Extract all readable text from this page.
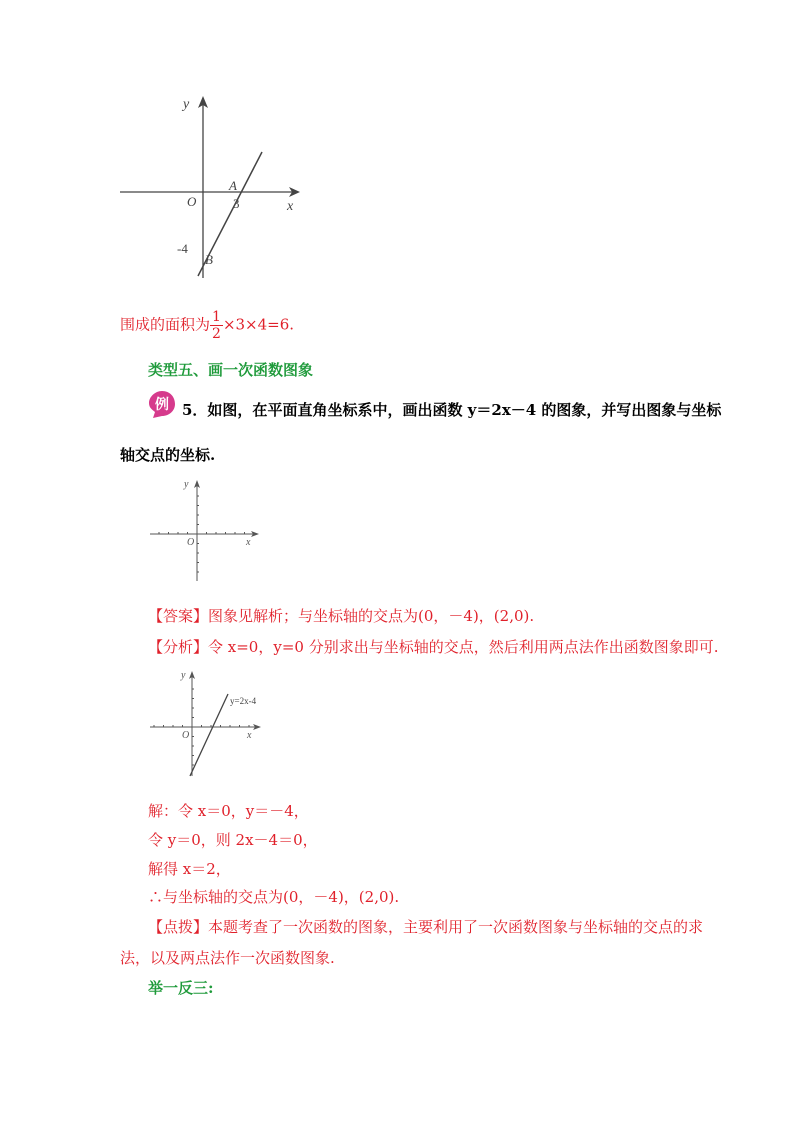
y
x
O
A
3
-4
B
围成的面积为 $\frac{1}{2} \times 3\times 4=6$.
类型五、画一次函数图象
例 5．如图，在平面直角坐标系中，画出函数 y＝2x－4 的图象，并写出图象与坐标
轴交点的坐标.
y
x
O
【答案】图象见解析；与坐标轴的交点为(0，－4)，(2,0).
【分析】令 x=0，y=0 分别求出与坐标轴的交点，然后利用两点法作出函数图象即可.
y
x
O
y=2x-4
解：令 x＝0，y＝－4，
令 y＝0，则 2x－4＝0，
解得 x＝2，
∴与坐标轴的交点为(0，－4)，(2,0).
【点拨】本题考查了一次函数的图象，主要利用了一次函数图象与坐标轴的交点的求
法，以及两点法作一次函数图象.
举一反三:
